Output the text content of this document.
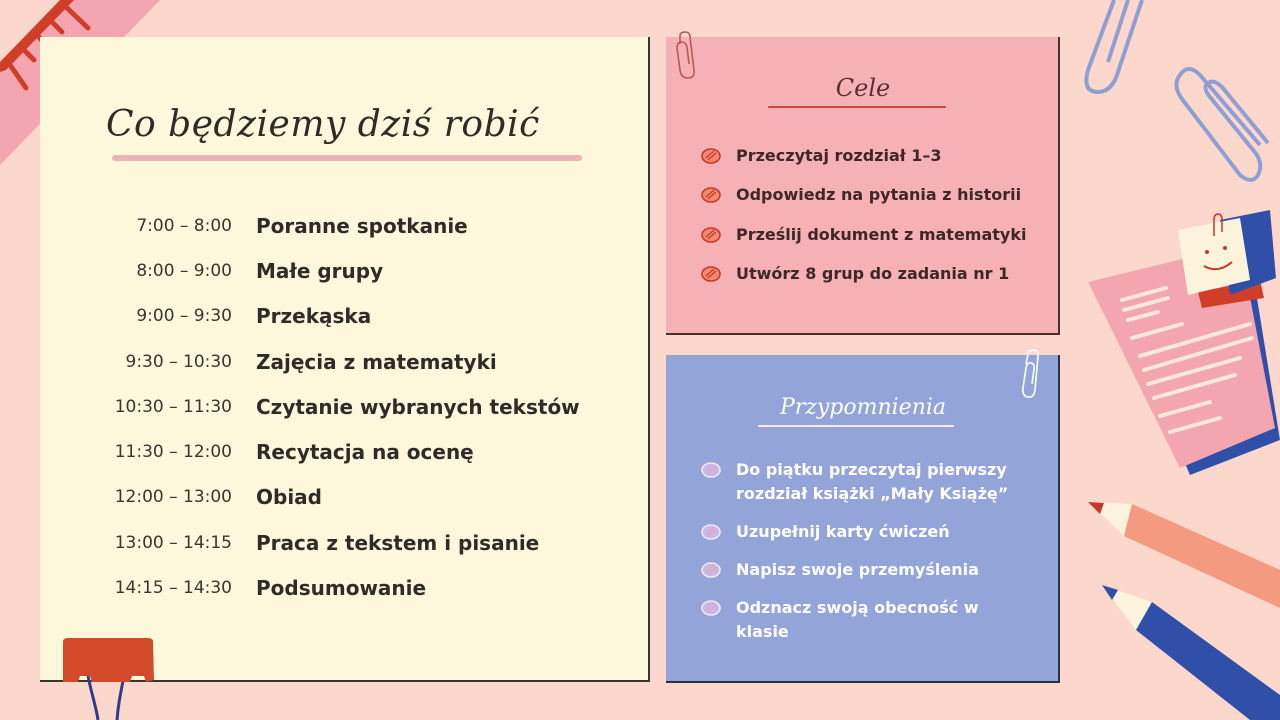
Co będziemy dziś robić
7:00 – 8:00	Poranne spotkanie
8:00 – 9:00	Małe grupy
9:00 – 9:30	Przekąska
9:30 – 10:30	Zajęcia z matematyki
10:30 – 11:30	Czytanie wybranych tekstów
11:30 – 12:00	Recytacja na ocenę
12:00 – 13:00	Obiad
13:00 – 14:15	Praca z tekstem i pisanie
14:15 – 14:30	Podsumowanie
Cele
Przeczytaj rozdział 1–3
Odpowiedz na pytania z historii
Prześlij dokument z matematyki
Utwórz 8 grup do zadania nr 1
Przypomnienia
Do piątku przeczytaj pierwszy rozdział książki „Mały Książę”
Uzupełnij karty ćwiczeń
Napisz swoje przemyślenia
Odznacz swoją obecność w klasie
